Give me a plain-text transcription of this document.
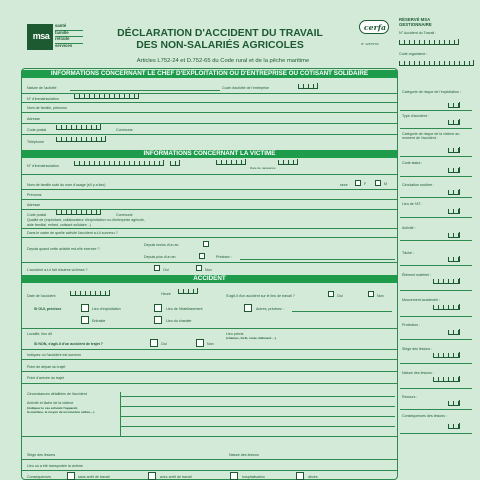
msa
santé
famille
retraite
services
DÉCLARATION D'ACCIDENT DU TRAVAIL
DES NON-SALARIÉS AGRICOLES
Articles L752-24 et D.752-65 du Code rural et de la pêche maritime
cerfa
N° 12676*04
RÉSERVÉ MSA
GESTIONNAIRE
N° Accident du Travail :
Code organisme :
INFORMATIONS CONCERNANT LE CHEF D'EXPLOITATION OU D'ENTREPRISE OU COTISANT SOLIDAIRE
Nature de l'activité	Code d'activité de l'entreprise
N° d'immatriculation
Nom de famille, prénoms
Adresse
Code postal	Commune
Téléphone
INFORMATIONS CONCERNANT LA VICTIME
N° d'immatriculation	Date de naissance
Nom de famille suivi du nom d'usage (s'il y a lieu)	sexe	F	M
Prénoms
Adresse
Code postal	Commune
Qualité de (exploitant, collaborateur d'exploitation ou d'entreprise agricole,
aide familial, enfant, cotisant solidaire...)
Dans le cadre de quelle activité l'accident a-t-il survenu ?
Depuis quand cette activité est-elle exercée ?
Depuis moins d'un an
Depuis plus d'un an	Précisez :
L'accident a-t-il fait d'autres victimes ?	Oui	Non
ACCIDENT
Date de l'accident	Heure	S'agit-il d'un accident sur le lieu de travail ?	Oui	Non
SI OUI, précisez	Lieu d'exploitation	Lieu de l'établissement	Autres, précisez :
Entraide	Lieu du chantier
Localité, lieu dit	Lieu précis
(champs, forêt, route, bâtiment ...)
SI NON, s'agit-il d'un accident de trajet ?	Oui	Non
Indiquez où l'accident est survenu
Point de départ du trajet
Point d'arrivée du trajet
Circonstances détaillées de l'accident
Activité et tâche de la victime
(indiquez le cas échéant l'appareil,
la machine, le moyen de locomotion utilisé,...)
Siège des lésions	Nature des lésions
Lieu où a été transportée la victime
Conséquences	sans arrêt de travail	avec arrêt de travail	hospitalisation	décès
Catégorie de risque de l'exploitation :
Type d'accident :
Catégorie de risque de la victime au moment de l'accident :
Code statut :
Circulation routière :
Lieu de l'AT :
Activité :
Tâche :
Élément matériel :
Mouvement accidentel :
Protection :
Siège des lésions :
Nature des lésions :
Recours :
Conséquences des lésions :
